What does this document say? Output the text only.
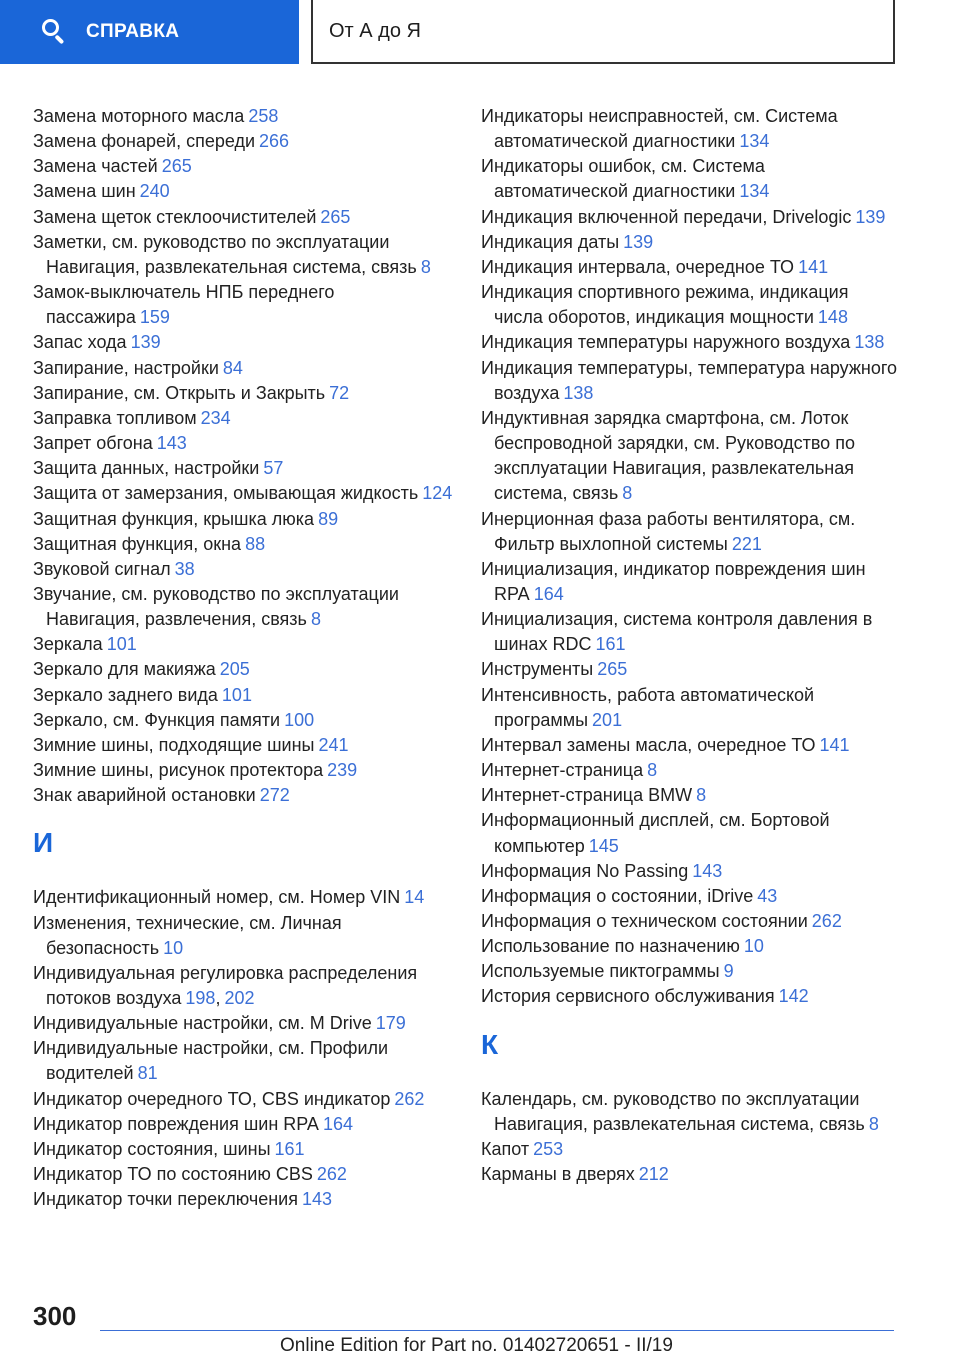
СПРАВКА	От А до Я

Замена моторного масла 258

Замена фонарей, спереди 266

Замена частей 265

Замена шин 240

Замена щеток стеклоочистителей 265

Заметки, см. руководство по эксплуатации Навигация, развлекательная система, связь 8

Замок-выключатель НПБ переднего пассажира 159

Запас хода 139

Запирание, настройки 84

Запирание, см. Открыть и Закрыть 72

Заправка топливом 234

Запрет обгона 143

Защита данных, настройки 57

Защита от замерзания, омывающая жидкость 124

Защитная функция, крышка люка 89

Защитная функция, окна 88

Звуковой сигнал 38

Звучание, см. руководство по эксплуатации Навигация, развлечения, связь 8

Зеркала 101

Зеркало для макияжа 205

Зеркало заднего вида 101

Зеркало, см. Функция памяти 100

Зимние шины, подходящие шины 241

Зимние шины, рисунок протектора 239

Знак аварийной остановки 272

И

Идентификационный номер, см. Номер VIN 14

Изменения, технические, см. Личная безопасность 10

Индивидуальная регулировка распределения потоков воздуха 198, 202

Индивидуальные настройки, см. M Drive 179

Индивидуальные настройки, см. Профили водителей 81

Индикатор очередного ТО, CBS индикатор 262

Индикатор повреждения шин RPA 164

Индикатор состояния, шины 161

Индикатор ТО по состоянию CBS 262

Индикатор точки переключения 143

Индикаторы неисправностей, см. Система автоматической диагностики 134

Индикаторы ошибок, см. Система автоматической диагностики 134

Индикация включенной передачи, Drivelogic 139

Индикация даты 139

Индикация интервала, очередное ТО 141

Индикация спортивного режима, индикация числа оборотов, индикация мощности 148

Индикация температуры наружного воздуха 138

Индикация температуры, температура наружного воздуха 138

Индуктивная зарядка смартфона, см. Лоток беспроводной зарядки, см. Руководство по эксплуатации Навигация, развлекательная система, связь 8

Инерционная фаза работы вентилятора, см. Фильтр выхлопной системы 221

Инициализация, индикатор повреждения шин RPA 164

Инициализация, система контроля давления в шинах RDC 161

Инструменты 265

Интенсивность, работа автоматической программы 201

Интервал замены масла, очередное ТО 141

Интернет-страница 8

Интернет-страница BMW 8

Информационный дисплей, см. Бортовой компьютер 145

Информация No Passing 143

Информация о состоянии, iDrive 43

Информация о техническом состоянии 262

Использование по назначению 10

Используемые пиктограммы 9

История сервисного обслуживания 142

К

Календарь, см. руководство по эксплуатации Навигация, развлекательная система, связь 8

Капот 253

Карманы в дверях 212

300
Online Edition for Part no. 01402720651 - II/19
